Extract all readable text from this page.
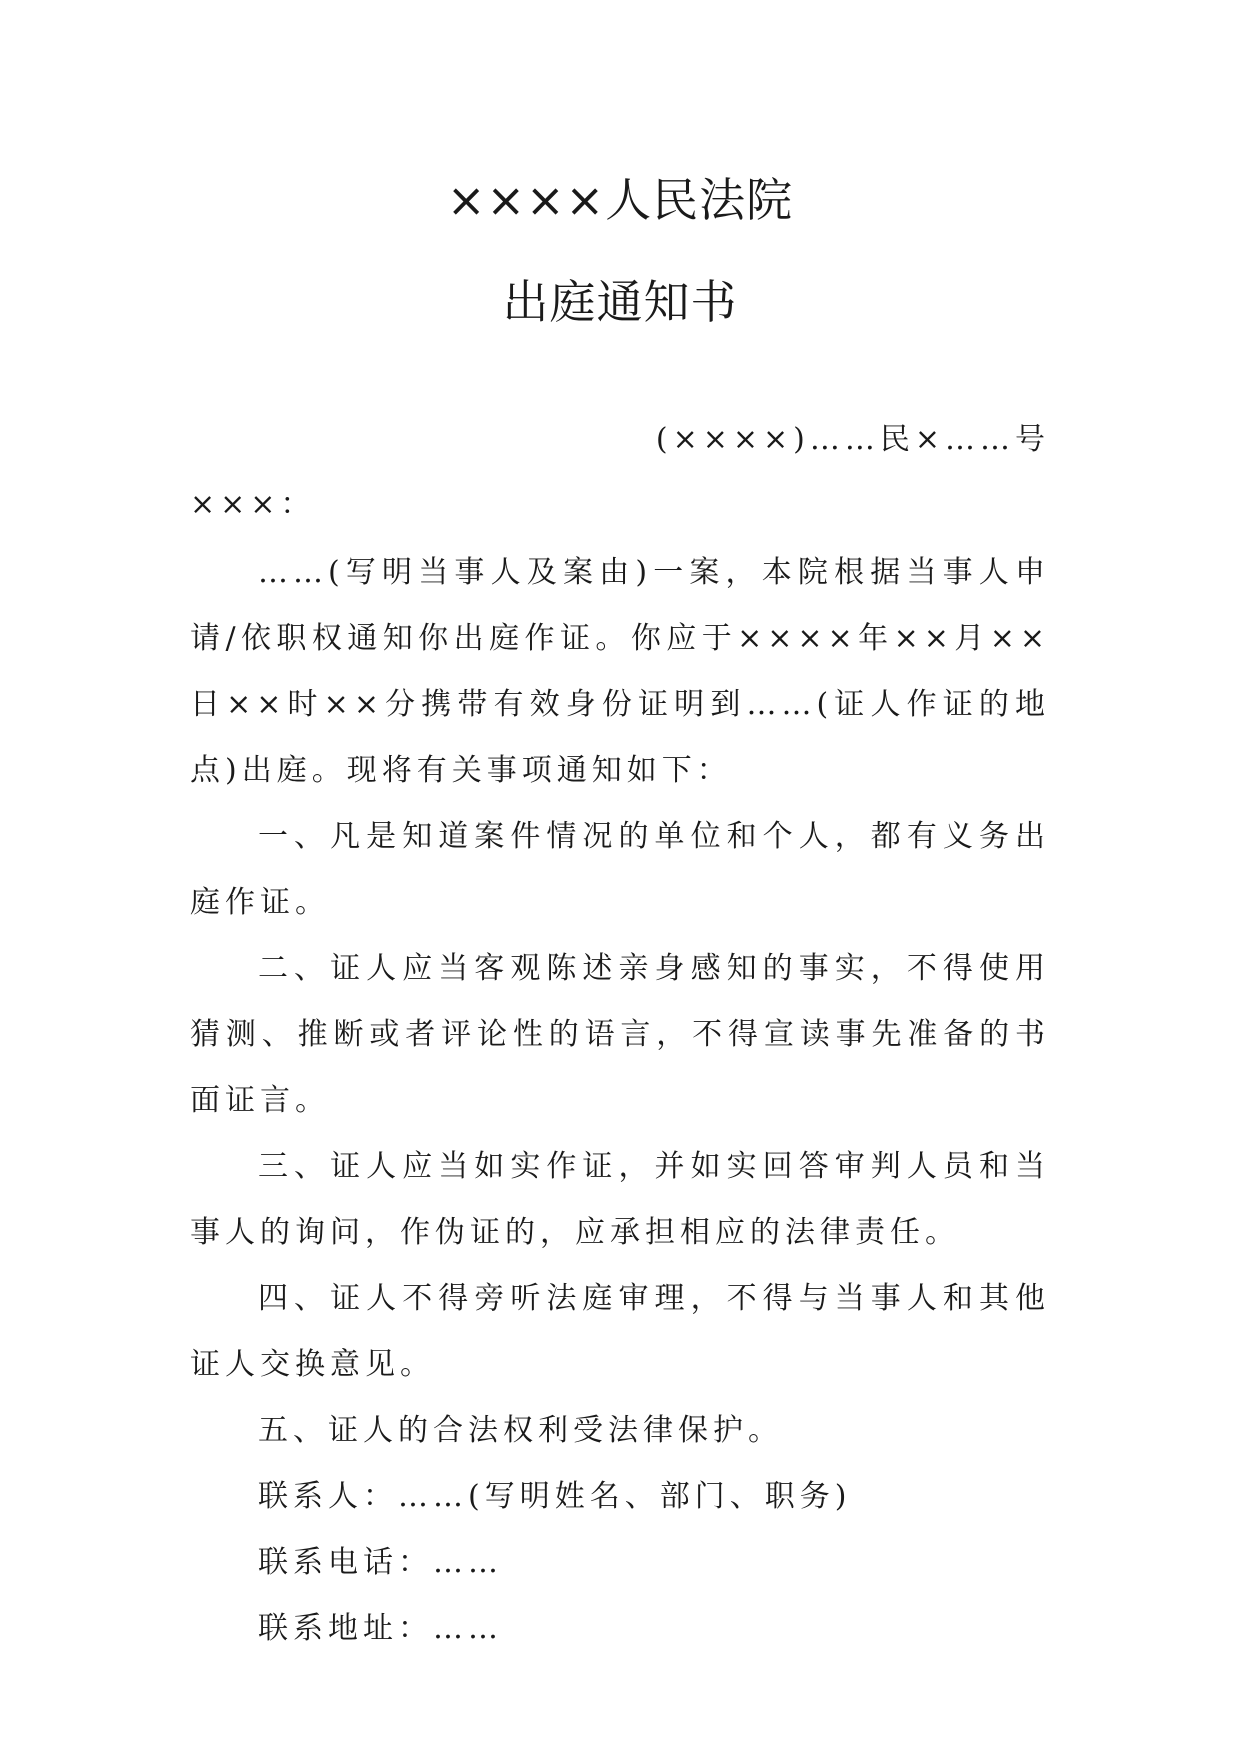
××××人民法院
出庭通知书
(××××)……民×……号
×××：

……(写明当事人及案由)一案，本院根据当事人申请/依职权通知你出庭作证。你应于××××年××月××日××时××分携带有效身份证明到……(证人作证的地点)出庭。现将有关事项通知如下：

一、凡是知道案件情况的单位和个人，都有义务出庭作证。

二、证人应当客观陈述亲身感知的事实，不得使用猜测、推断或者评论性的语言，不得宣读事先准备的书面证言。

三、证人应当如实作证，并如实回答审判人员和当事人的询问，作伪证的，应承担相应的法律责任。

四、证人不得旁听法庭审理，不得与当事人和其他证人交换意见。

五、证人的合法权利受法律保护。

联系人：……(写明姓名、部门、职务)

联系电话：……

联系地址：……
